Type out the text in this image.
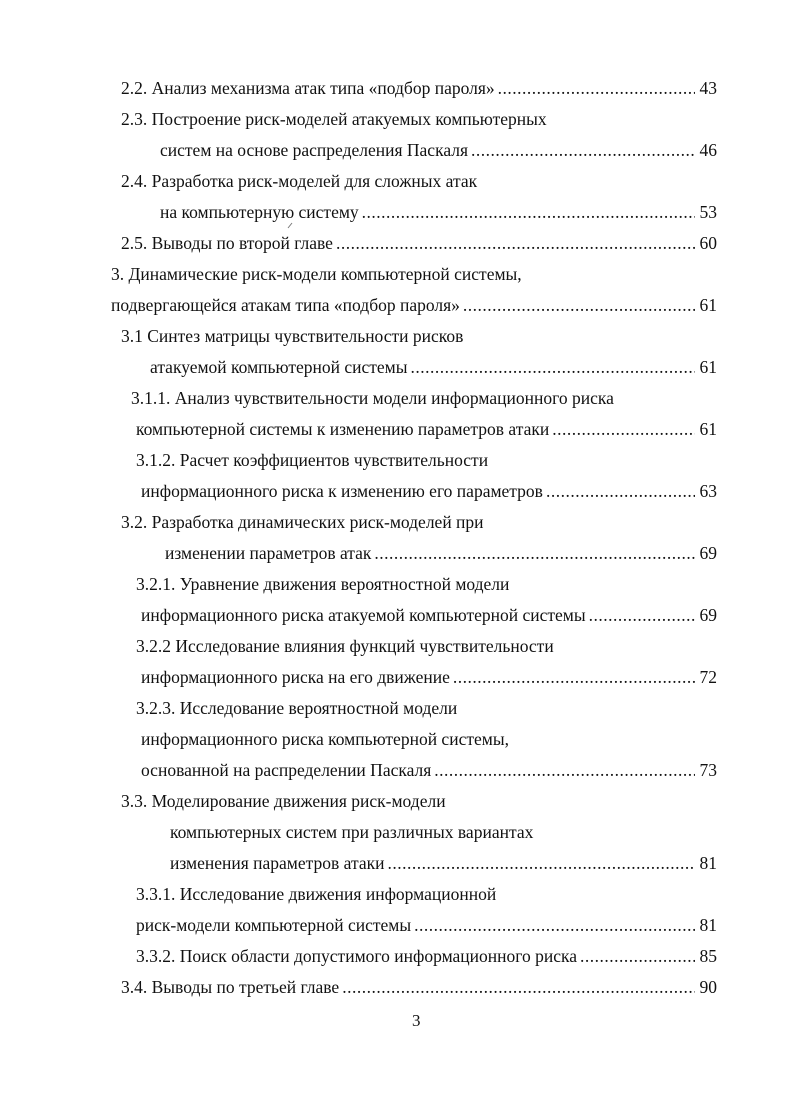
2.2. Анализ механизма атак типа «подбор пароля» .....	43
2.3. Построение риск-моделей атакуемых компьютерных
систем на основе распределения Паскаля .....	46
2.4. Разработка риск-моделей для сложных атак
на компьютерную систему .....	53
2.5. Выводы по второй главе .....	60
3. Динамические риск-модели компьютерной системы,
подвергающейся атакам типа «подбор пароля» .....	61
3.1 Синтез матрицы чувствительности рисков
атакуемой компьютерной системы .....	61
3.1.1. Анализ чувствительности модели информационного риска
компьютерной системы к изменению параметров атаки .....	61
3.1.2. Расчет коэффициентов чувствительности
информационного риска к изменению его параметров .....	63
3.2. Разработка динамических риск-моделей при
изменении параметров атак .....	69
3.2.1. Уравнение движения вероятностной модели
информационного риска атакуемой компьютерной системы .....	69
3.2.2 Исследование влияния функций чувствительности
информационного риска на его движение .....	72
3.2.3. Исследование вероятностной модели
информационного риска компьютерной системы,
основанной на распределении Паскаля .....	73
3.3. Моделирование движения риск-модели
компьютерных систем при различных вариантах
изменения параметров атаки .....	81
3.3.1. Исследование движения информационной
риск-модели компьютерной системы .....	81
3.3.2. Поиск области допустимого информационного риска .....	85
3.4. Выводы по третьей главе .....	90
3
